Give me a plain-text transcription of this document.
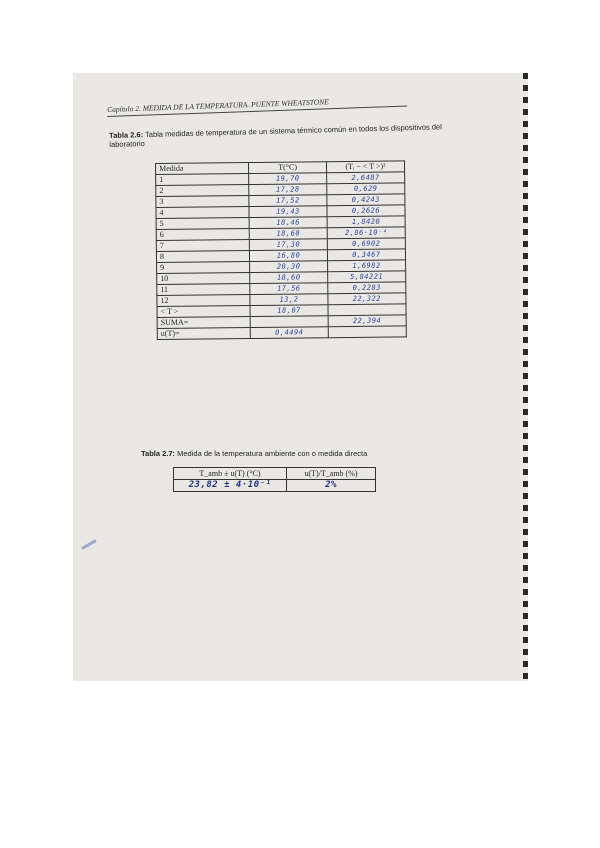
Capítulo 2. MEDIDA DE LA TEMPERATURA. PUENTE WHEATSTONE
Tabla 2.6: Tabla medidas de temperatura de un sistema térmico común en todos los dispositivos del laboratorio
Medida	T(°C)	(Tᵢ − < T >)²
1	19,70	2,6487
2	17,28	0,629
3	17,52	0,4243
4	19,43	0,2626
5	18,46	1,8420
6	18,60	2,86·10⁻⁴
7	17,30	0,6902
8	16,80	0,3467
9	20,30	1,6982
10	18,60	5,84221
11	17,56	0,2283
12	13,2	22,322
< T >	18,07	
SUMA=		22,394
u(T)=	0,4494	
Tabla 2.7: Medida de la temperatura ambiente con o medida directa
T_amb ± u(T) (°C)	u(T)/T_amb (%)
23,82 ± 4·10⁻¹	2%
